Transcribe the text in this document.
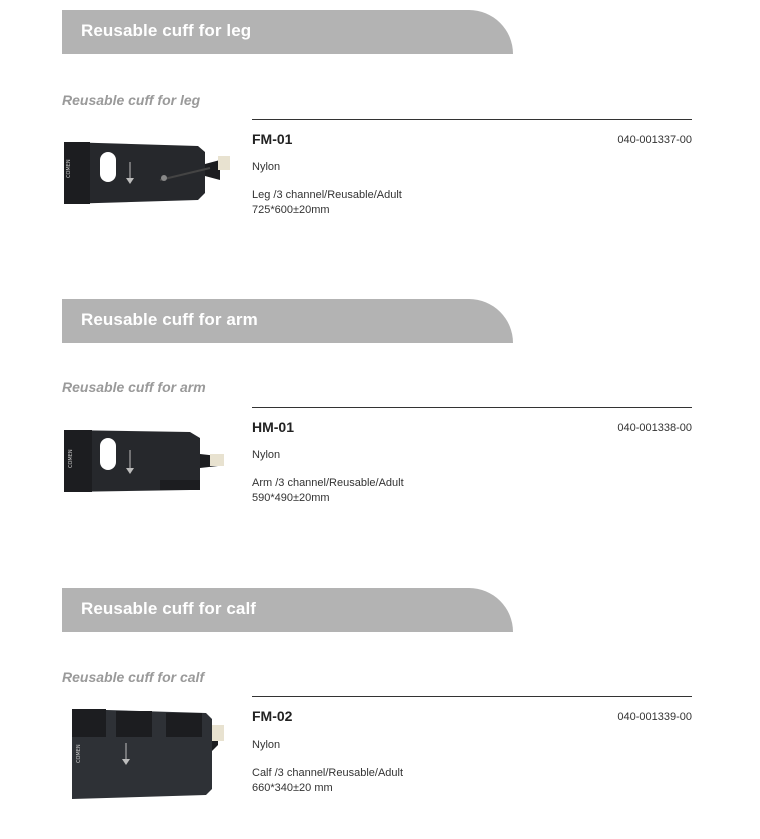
Reusable cuff for leg
Reusable cuff for leg
COMEN
FM-01	040-001337-00
Nylon
Leg /3 channel/Reusable/Adult
725*600±20mm
Reusable cuff for arm
Reusable cuff for arm
COMEN
HM-01	040-001338-00
Nylon
Arm /3 channel/Reusable/Adult
590*490±20mm
Reusable cuff for calf
Reusable cuff for calf
COMEN
FM-02	040-001339-00
Nylon
Calf /3 channel/Reusable/Adult
660*340±20 mm
